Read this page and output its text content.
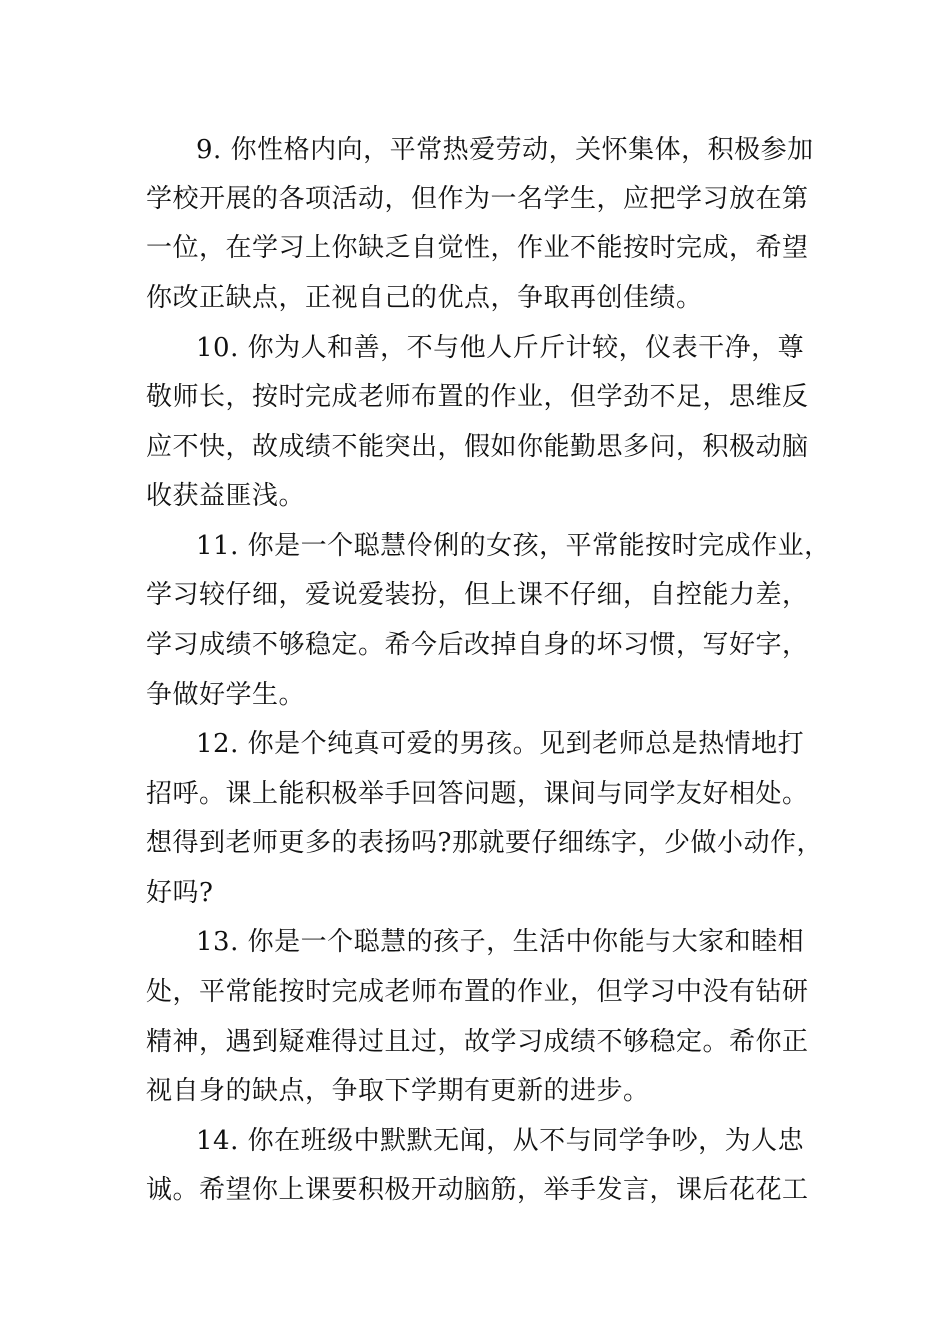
9. 你性格内向，平常热爱劳动，关怀集体，积极参加
学校开展的各项活动，但作为一名学生，应把学习放在第
一位，在学习上你缺乏自觉性，作业不能按时完成，希望
你改正缺点，正视自己的优点，争取再创佳绩。
10. 你为人和善，不与他人斤斤计较，仪表干净，尊
敬师长，按时完成老师布置的作业，但学劲不足，思维反
应不快，故成绩不能突出，假如你能勤思多问，积极动脑
收获益匪浅。
11. 你是一个聪慧伶俐的女孩，平常能按时完成作业，
学习较仔细，爱说爱装扮，但上课不仔细，自控能力差，
学习成绩不够稳定。希今后改掉自身的坏习惯，写好字，
争做好学生。
12. 你是个纯真可爱的男孩。见到老师总是热情地打
招呼。课上能积极举手回答问题，课间与同学友好相处。
想得到老师更多的表扬吗?那就要仔细练字，少做小动作，
好吗?
13. 你是一个聪慧的孩子，生活中你能与大家和睦相
处，平常能按时完成老师布置的作业，但学习中没有钻研
精神，遇到疑难得过且过，故学习成绩不够稳定。希你正
视自身的缺点，争取下学期有更新的进步。
14. 你在班级中默默无闻，从不与同学争吵，为人忠
诚。希望你上课要积极开动脑筋，举手发言，课后花花工
